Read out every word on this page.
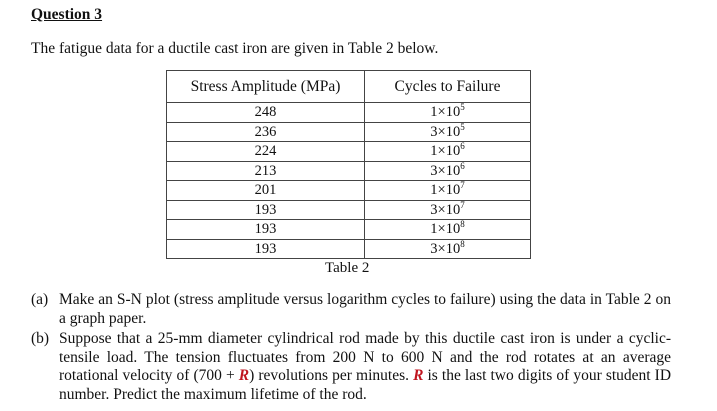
Question 3
The fatigue data for a ductile cast iron are given in Table 2 below.
Stress Amplitude (MPa)	Cycles to Failure
248	$1\times 10^5$
236	$3\times 10^5$
224	$1\times 10^6$
213	$3\times 10^6$
201	$1\times 10^7$
193	$3\times 10^7$
193	$1\times 10^8$
193	$3\times 10^8$
Table 2
(a) Make an S-N plot (stress amplitude versus logarithm cycles to failure) using the data in Table 2 on a graph paper.
(b) Suppose that a 25-mm diameter cylindrical rod made by this ductile cast iron is under a cyclic-tensile load. The tension fluctuates from 200 N to 600 N and the rod rotates at an average rotational velocity of (700 + R) revolutions per minutes. R is the last two digits of your student ID number. Predict the maximum lifetime of the rod.
